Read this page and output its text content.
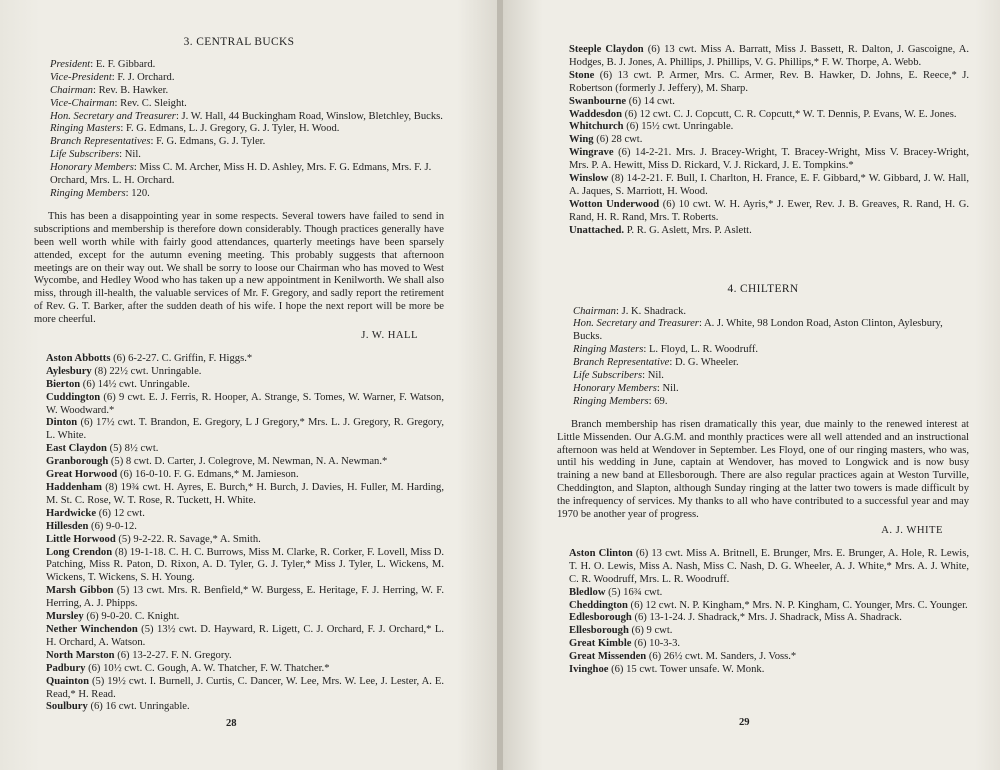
3. CENTRAL BUCKS
President: E. F. Gibbard.
Vice-President: F. J. Orchard.
Chairman: Rev. B. Hawker.
Vice-Chairman: Rev. C. Sleight.
Hon. Secretary and Treasurer: J. W. Hall, 44 Buckingham Road, Winslow, Bletchley, Bucks.
Ringing Masters: F. G. Edmans, L. J. Gregory, G. J. Tyler, H. Wood.
Branch Representatives: F. G. Edmans, G. J. Tyler.
Life Subscribers: Nil.
Honorary Members: Miss C. M. Archer, Miss H. D. Ashley, Mrs. F. G. Edmans, Mrs. F. J. Orchard, Mrs. L. H. Orchard.
Ringing Members: 120.

This has been a disappointing year in some respects. Several towers have failed to send in subscriptions and membership is therefore down considerably. Though practices generally have been well worth while with fairly good attendances, quarterly meetings have been sparsely attended, except for the autumn evening meeting. This probably suggests that afternoon meetings are on their way out. We shall be sorry to loose our Chairman who has moved to West Wycombe, and Hedley Wood who has taken up a new appointment in Kenilworth. We shall also miss, through ill-health, the valuable services of Mr. F. Gregory, and sadly report the retirement of Rev. G. T. Barker, after the sudden death of his wife. I hope the next report will be more be more cheerful.

J. W. HALL

Aston Abbotts (6) 6-2-27. C. Griffin, F. Higgs.*

Aylesbury (8) 22½ cwt. Unringable.

Bierton (6) 14½ cwt. Unringable.

Cuddington (6) 9 cwt. E. J. Ferris, R. Hooper, A. Strange, S. Tomes, W. Warner, F. Watson, W. Woodward.*

Dinton (6) 17½ cwt. T. Brandon, E. Gregory, L J Gregory,* Mrs. L. J. Gregory, R. Gregory, L. White.

East Claydon (5) 8½ cwt.

Granborough (5) 8 cwt. D. Carter, J. Colegrove, M. Newman, N. A. Newman.*

Great Horwood (6) 16-0-10. F. G. Edmans,* M. Jamieson.

Haddenham (8) 19¾ cwt. H. Ayres, E. Burch,* H. Burch, J. Davies, H. Fuller, M. Harding, M. St. C. Rose, W. T. Rose, R. Tuckett, H. White.

Hardwicke (6) 12 cwt.

Hillesden (6) 9-0-12.

Little Horwood (5) 9-2-22. R. Savage,* A. Smith.

Long Crendon (8) 19-1-18. C. H. C. Burrows, Miss M. Clarke, R. Corker, F. Lovell, Miss D. Patching, Miss R. Paton, D. Rixon, A. D. Tyler, G. J. Tyler,* Miss J. Tyler, L. Wickens, M. Wickens, T. Wickens, S. H. Young.

Marsh Gibbon (5) 13 cwt. Mrs. R. Benfield,* W. Burgess, E. Heritage, F. J. Herring, W. F. Herring, A. J. Phipps.

Mursley (6) 9-0-20. C. Knight.

Nether Winchendon (5) 13½ cwt. D. Hayward, R. Ligett, C. J. Orchard, F. J. Orchard,* L. H. Orchard, A. Watson.

North Marston (6) 13-2-27. F. N. Gregory.

Padbury (6) 10½ cwt. C. Gough, A. W. Thatcher, F. W. Thatcher.*

Quainton (5) 19½ cwt. I. Burnell, J. Curtis, C. Dancer, W. Lee, Mrs. W. Lee, J. Lester, A. E. Read,* H. Read.

Soulbury (6) 16 cwt. Unringable.

28

Steeple Claydon (6) 13 cwt. Miss A. Barratt, Miss J. Bassett, R. Dalton, J. Gascoigne, A. Hodges, B. J. Jones, A. Phillips, J. Phillips, V. G. Phillips,* F. W. Thorpe, A. Webb.

Stone (6) 13 cwt. P. Armer, Mrs. C. Armer, Rev. B. Hawker, D. Johns, E. Reece,* J. Robertson (formerly J. Jeffery), M. Sharp.

Swanbourne (6) 14 cwt.

Waddesdon (6) 12 cwt. C. J. Copcutt, C. R. Copcutt,* W. T. Dennis, P. Evans, W. E. Jones.

Whitchurch (6) 15½ cwt. Unringable.

Wing (6) 28 cwt.

Wingrave (6) 14-2-21. Mrs. J. Bracey-Wright, T. Bracey-Wright, Miss V. Bracey-Wright, Mrs. P. A. Hewitt, Miss D. Rickard, V. J. Rickard, J. E. Tompkins.*

Winslow (8) 14-2-21. F. Bull, I. Charlton, H. France, E. F. Gibbard,* W. Gibbard, J. W. Hall, A. Jaques, S. Marriott, H. Wood.

Wotton Underwood (6) 10 cwt. W. H. Ayris,* J. Ewer, Rev. J. B. Greaves, R. Rand, H. G. Rand, H. R. Rand, Mrs. T. Roberts.

Unattached. P. R. G. Aslett, Mrs. P. Aslett.

4. CHILTERN
Chairman: J. K. Shadrack.
Hon. Secretary and Treasurer: A. J. White, 98 London Road, Aston Clinton, Aylesbury, Bucks.
Ringing Masters: L. Floyd, L. R. Woodruff.
Branch Representative: D. G. Wheeler.
Life Subscribers: Nil.
Honorary Members: Nil.
Ringing Members: 69.

Branch membership has risen dramatically this year, due mainly to the renewed interest at Little Missenden. Our A.G.M. and monthly practices were all well attended and an instructional afternoon was held at Wendover in September. Les Floyd, one of our ringing masters, who was, until his wedding in June, captain at Wendover, has moved to Longwick and is now busy training a new band at Ellesborough. There are also regular practices again at Weston Turville, Cheddington, and Slapton, although Sunday ringing at the latter two towers is made difficult by the infrequency of services. My thanks to all who have contributed to a successful year and may 1970 be another year of progress.

A. J. WHITE

Aston Clinton (6) 13 cwt. Miss A. Britnell, E. Brunger, Mrs. E. Brunger, A. Hole, R. Lewis, T. H. O. Lewis, Miss A. Nash, Miss C. Nash, D. G. Wheeler, A. J. White,* Mrs. A. J. White, C. R. Woodruff, Mrs. L. R. Woodruff.

Bledlow (5) 16¾ cwt.

Cheddington (6) 12 cwt. N. P. Kingham,* Mrs. N. P. Kingham, C. Younger, Mrs. C. Younger.

Edlesborough (6) 13-1-24. J. Shadrack,* Mrs. J. Shadrack, Miss A. Shadrack.

Ellesborough (6) 9 cwt.

Great Kimble (6) 10-3-3.

Great Missenden (6) 26½ cwt. M. Sanders, J. Voss.*

Ivinghoe (6) 15 cwt. Tower unsafe. W. Monk.

29
